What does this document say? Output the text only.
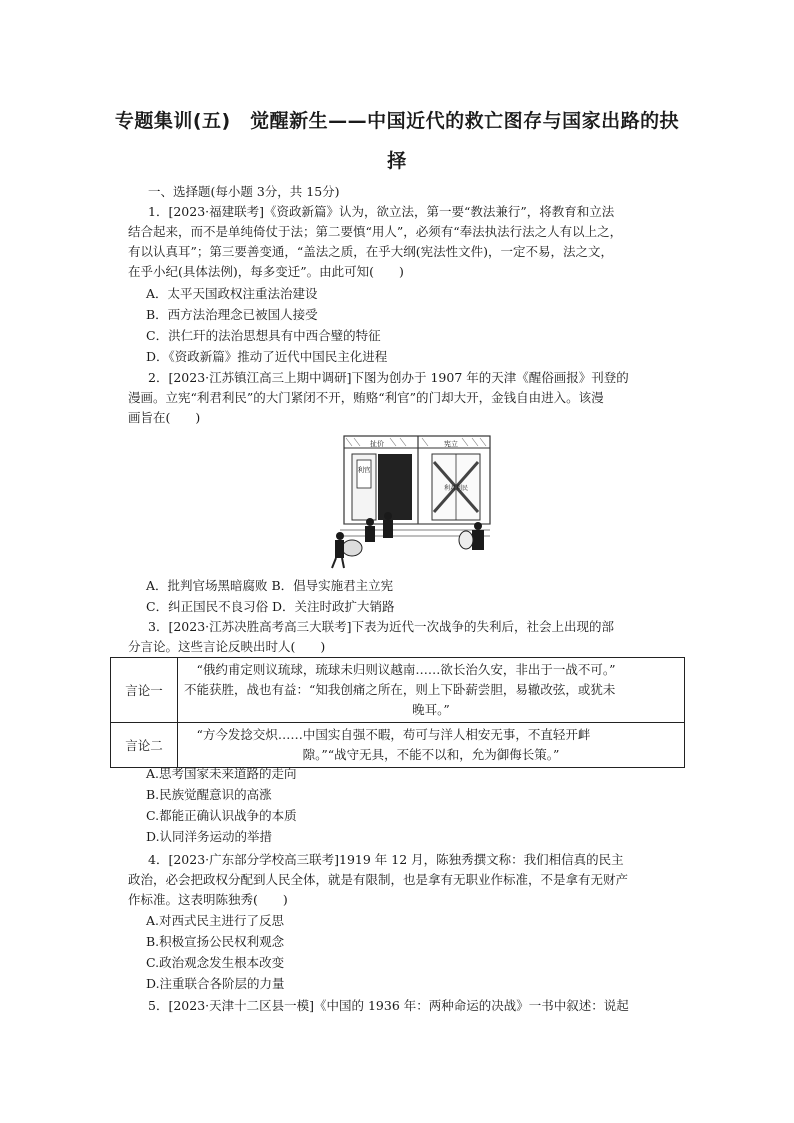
专题集训(五)　觉醒新生——中国近代的救亡图存与国家出路的抉
择
一、选择题(每小题 3分，共 15分)
1．[2023·福建联考]《资政新篇》认为，欲立法，第一要“教法兼行”，将教育和立法
结合起来，而不是单纯倚仗于法；第二要慎“用人”，必须有“奉法执法行法之人有以上之，
有以认真耳”；第三要善变通，“盖法之质，在乎大纲(宪法性文件)，一定不易，法之文，
在乎小纪(具体法例)，每多变迁”。由此可知(　　)
A．太平天国政权注重法治建设
B．西方法治理念已被国人接受
C．洪仁玕的法治思想具有中西合璧的特征
D．《资政新篇》推动了近代中国民主化进程
2．[2023·江苏镇江高三上期中调研]下图为创办于 1907 年的天津《醒俗画报》刊登的
漫画。立宪“利君利民”的大门紧闭不开，贿赂“利官”的门却大开，金钱自由进入。该漫
画旨在(　　)
扯价	宪立
利官
利君利民
A．批判官场黑暗腐败 B．倡导实施君主立宪
C．纠正国民不良习俗 D．关注时政扩大销路
3．[2023·江苏决胜高考高三大联考]下表为近代一次战争的失利后，社会上出现的部
分言论。这些言论反映出时人(　　)
言论一	“俄约甫定则议琉球，琉球未归则议越南……欲长治久安，非出于一战不可。”
不能获胜，战也有益：“知我创痛之所在，则上下卧薪尝胆，易辙改弦，或犹未
晚耳。”

言论二	“方今发捻交炽……中国实自强不暇，苟可与洋人相安无事，不直轻开衅
隙。”“战守无具，不能不以和，允为御侮长策。”
A.思考国家未来道路的走向
B.民族觉醒意识的高涨
C.都能正确认识战争的本质
D.认同洋务运动的举措
4．[2023·广东部分学校高三联考]1919 年 12 月，陈独秀撰文称：我们相信真的民主
政治，必会把政权分配到人民全体，就是有限制，也是拿有无职业作标准，不是拿有无财产
作标准。这表明陈独秀(　　)
A.对西式民主进行了反思
B.积极宣扬公民权利观念
C.政治观念发生根本改变
D.注重联合各阶层的力量
5．[2023·天津十二区县一模]《中国的 1936 年：两种命运的决战》一书中叙述：说起
